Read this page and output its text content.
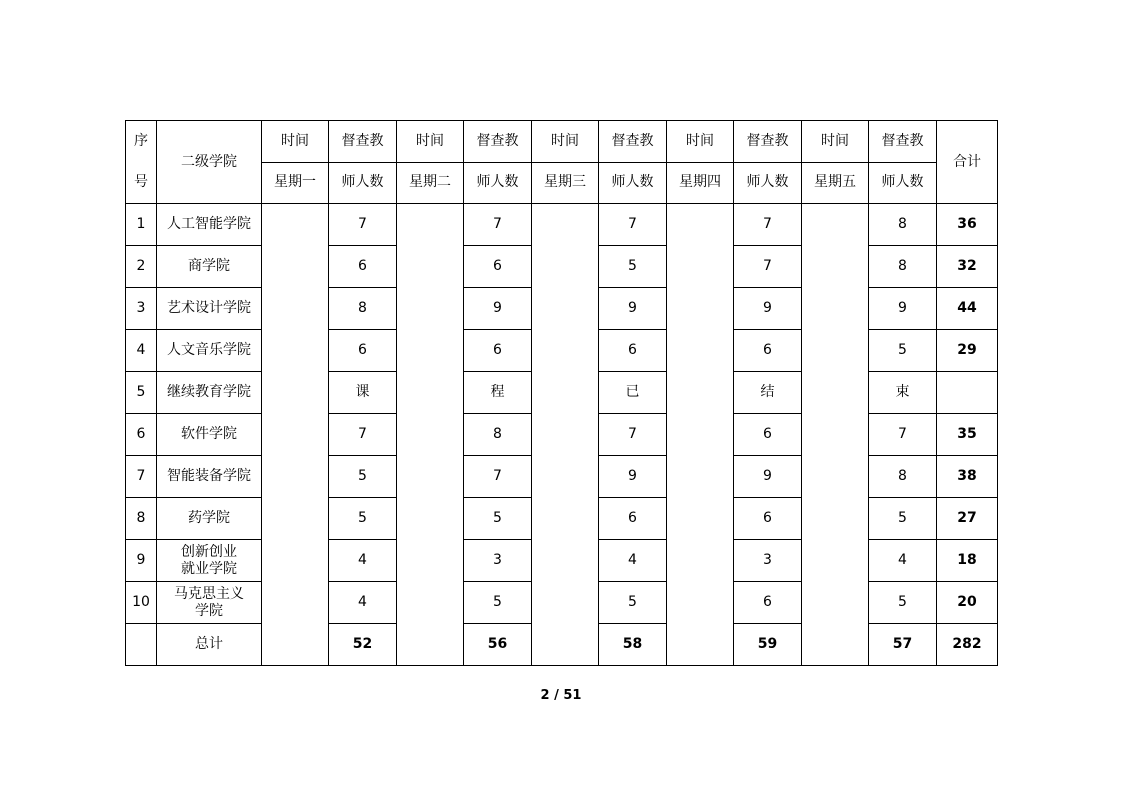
序
号	二级学院	时间	督查教	时间	督查教	时间	督查教	时间	督查教	时间	督查教	合计
		星期一	师人数	星期二	师人数	星期三	师人数	星期四	师人数	星期五	师人数	
1	人工智能学院		7		7		7		7		8	36
2	商学院		6		6		5		7		8	32
3	艺术设计学院		8		9		9		9		9	44
4	人文音乐学院		6		6		6		6		5	29
5	继续教育学院		课		程		已		结		束	
6	软件学院		7		8		7		6		7	35
7	智能装备学院		5		7		9		9		8	38
8	药学院		5		5		6		6		5	27
9	创新创业
就业学院		4		3		4		3		4	18
10	马克思主义
学院		4		5		5		6		5	20
	总计		52		56		58		59		57	282
2 / 51
